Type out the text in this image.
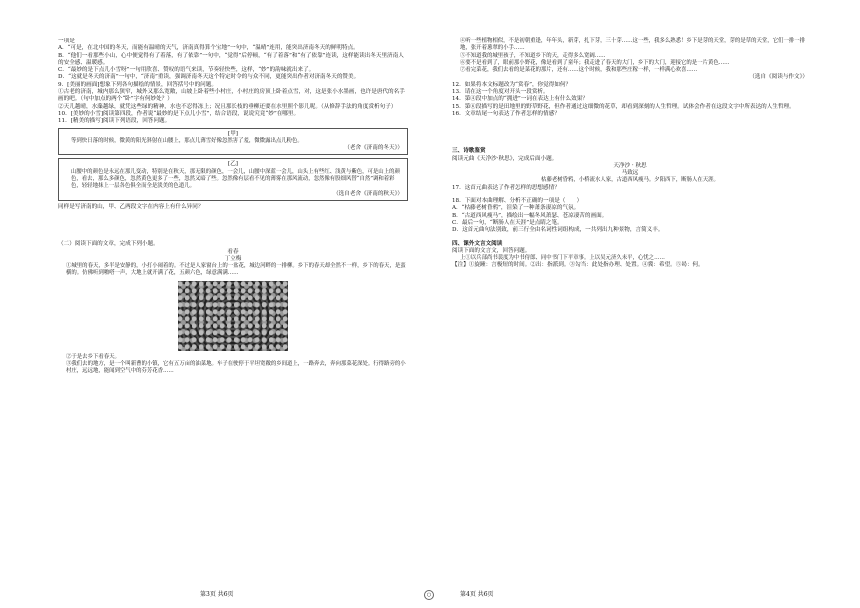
一项是
A．“可是，在北中国的冬天，而能有温晴的天气，济南真得算个宝地”一句中，“温晴”连用，能突出济南冬天的鲜明特点。
B．“他们一看那些小山，心中便觉得有了着落，有了依靠”一句中，“觉得”后停顿，“有了着落”和“有了依靠”连读，这样能读出冬天里济南人的安全感、温暖感。
C．“最妙的是下点儿小雪呀”一句用欣喜、赞叹的语气来读，节奏轻快些，这样，“妙”的韵味就出来了。
D．“这就是冬天的济南”一句中，“济南”重读，强调济南冬天这个特定时令的与众不同，更能突出作者对济南冬天的赞美。
9．[美丽的画面]想象下列各句描绘的情景，回答括号中的问题。
①古老的济南，城内那么狭窄，城外又那么宽敞，山坡上卧着些小村庄，小村庄的房顶上卧着点雪，对，这是张小水墨画，也许是唐代的名手画的吧。（句中加点的两个“卧”字有何妙处？）
②天儿越晴，水藻越绿，就凭这些绿的精神，水也不忍得冻上；况且那长枝的垂柳还要在水里照个影儿呢。（从修辞手法的角度赏析句子）
10．[美妙的小雪]阅读第四段，作者说“最妙的是下点儿小雪”，结合语段，说说究竟“妙”在哪里。
11．[精美的描写]阅读下列语段，回答问题。
[甲]
等到快日落的时候，微黄的阳光斜射在山腰上，那点儿薄雪好像忽然害了羞，微微露出点儿粉色。
（老舍《济南的冬天》）
[乙]
山腰中的颜色是永远在那儿变动，特别是在秋天，那无限的颜色，一会儿，山腰中深蓝一会儿，山头上有些红、浅黄与紫色，可是山上的颜色，看去，那么多颜色，忽然黄色更多了一些，忽然又暗了些。忽然像有层看不见的薄雾在那风流动，忽然像有股细风替“自然”调和着彩色，轻轻地抹上一层各色俱全而全是淡美的色道儿。
（选自老舍《济南的秋天》）
同样是写济南的山，甲、乙两段文字在内容上有什么异同？
（二）阅读下面的文章，完成下列小题。
看春
丁立梅
①城里的春天，多半是安静的，小打小闹着的。不过是人家窗台上的一盆花，城边河畔的一排柳。乡下的春天却全然不一样，乡下的春天，是蛮横的。仿佛听到啪嗒一声，大地上就开满了花，五颜六色，绿意满满……
②于是去乡下看春天。
③我们去的地方，是一个叫新曹的小镇，它有五万亩的油菜地。车子在驶停于平坦宽敞的乡间道上，一路奔去，奔向那菜花深处。行得路旁的小村庄，远远地，能闻到空气中的芬芳花香……
第3页 共6页	○
④听一些植物相似，不是初朝重逢，年年头，新芽，扎下芽，三十芽……这一些，我多么熟悉！乡下是芽的天堂，芽的是草的天堂，它们一排一排地，张开着葱翠的小手……
⑤不知道我的城里孩子，不知道乡下的天，走得多么宽阔……
⑥要不是看到了，眼前那小野花，像是看到了童年；我走进了春天的大门，乡下的大门，迎接它的是一片黄色……
⑦看完菜花，我们去看的是菜花的那片，还有……这个时候，我和那些庄稼一样，一样满心欢喜……
（选自《阅读与作文》）
12．如果将本文标题改为“赏春”，你觉得如何？
13．请在这一个角度对开头一段赏析。
14．第④段中加点的“拥进”一词在表达上有什么效果？
15．第⑥段描写的是田地里的野草野花，但作者通过这细微的花草，却看到深刻的人生哲理。试体会作者在这段文字中所表达的人生哲理。
16．文章结尾一句表达了作者怎样的情感？
三、诗歌鉴赏
阅读元曲《天净沙·秋思》，完成后面小题。
天净沙 · 秋思
马致远
枯藤老树昏鸦，小桥流水人家，古道西风瘦马。夕阳西下，断肠人在天涯。
17．这首元曲表达了作者怎样的思想感情？
18．下面对本曲理解、分析不正确的一项是（　　）
A．“枯藤老树昏鸦”，渲染了一种萧条凄凉的气氛。
B．“古道西风瘦马”，描绘出一幅冬风萧瑟、苍凉凄苦的画面。
C．最后一句，“断肠人在天涯”是点睛之笔。
D．这首元曲句法别致，前三行全由名词性词组构成，一共列出九种景物，言简义丰。
四、课外文言文阅读
阅读下面的文言文，回答问题。
上①以兵部尚书裴度为中书侍郎、同中书门下平章事。上以吴元济久未平，心忧之……
【注】①旋踵：言极短的时间。②出：指派到。③勾当：此处指办理、处置。④冀：希望。⑤曷：何。
第4页 共6页
